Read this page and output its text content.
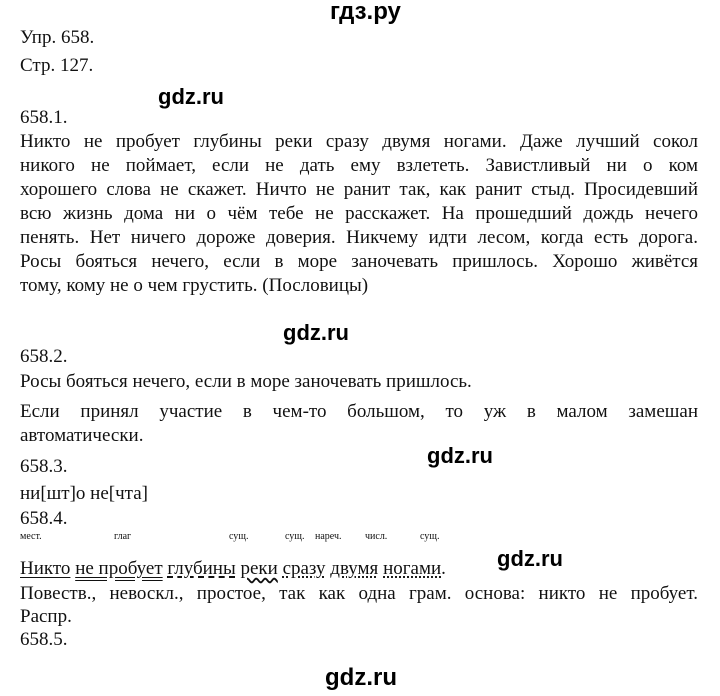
гдз.ру
gdz.ru
gdz.ru
gdz.ru
gdz.ru
gdz.ru

Упр. 658.

Стр. 127.

658.1.

Никто не пробует глубины реки сразу двумя ногами. Даже лучший сокол
никого не поймает, если не дать ему взлететь. Завистливый ни о ком
хорошего слова не скажет. Ничто не ранит так, как ранит стыд. Просидевший
всю жизнь дома ни о чём тебе не расскажет. На прошедший дождь нечего
пенять. Нет ничего дороже доверия. Никчему идти лесом, когда есть дорога.
Росы бояться нечего, если в море заночевать пришлось. Хорошо живётся
тому, кому не о чем грустить. (Пословицы)

658.2.

Росы бояться нечего, если в море заночевать пришлось.

Если принял участие в чем-то большом, то уж в малом замешан
автоматически.

658.3.

ни[шт]о не[чта]

658.4.

мест.	глаг	сущ.	сущ. нареч. числ.	сущ.

Никто не пробует глубины реки сразу двумя ногами.

Повеств., невоскл., простое, так как одна грам. основа: никто не пробует.

Распр.

658.5.
